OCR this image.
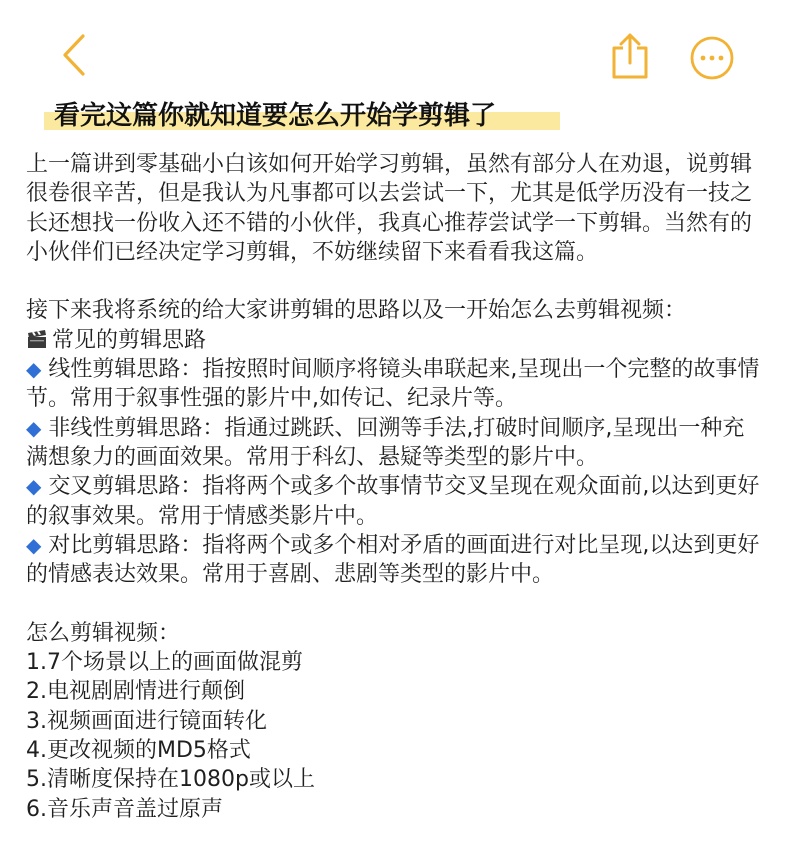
看完这篇你就知道要怎么开始学剪辑了

上一篇讲到零基础小白该如何开始学习剪辑，虽然有部分人在劝退，说剪辑很卷很辛苦，但是我认为凡事都可以去尝试一下，尤其是低学历没有一技之长还想找一份收入还不错的小伙伴，我真心推荐尝试学一下剪辑。当然有的小伙伴们已经决定学习剪辑，不妨继续留下来看看我这篇。

接下来我将系统的给大家讲剪辑的思路以及一开始怎么去剪辑视频：

常见的剪辑思路

◆ 线性剪辑思路：指按照时间顺序将镜头串联起来,呈现出一个完整的故事情节。常用于叙事性强的影片中,如传记、纪录片等。

◆ 非线性剪辑思路：指通过跳跃、回溯等手法,打破时间顺序,呈现出一种充满想象力的画面效果。常用于科幻、悬疑等类型的影片中。

◆ 交叉剪辑思路：指将两个或多个故事情节交叉呈现在观众面前,以达到更好的叙事效果。常用于情感类影片中。

◆ 对比剪辑思路：指将两个或多个相对矛盾的画面进行对比呈现,以达到更好的情感表达效果。常用于喜剧、悲剧等类型的影片中。

怎么剪辑视频：

1.7个场景以上的画面做混剪

2.电视剧剧情进行颠倒

3.视频画面进行镜面转化

4.更改视频的MD5格式

5.清晰度保持在1080p或以上

6.音乐声音盖过原声
